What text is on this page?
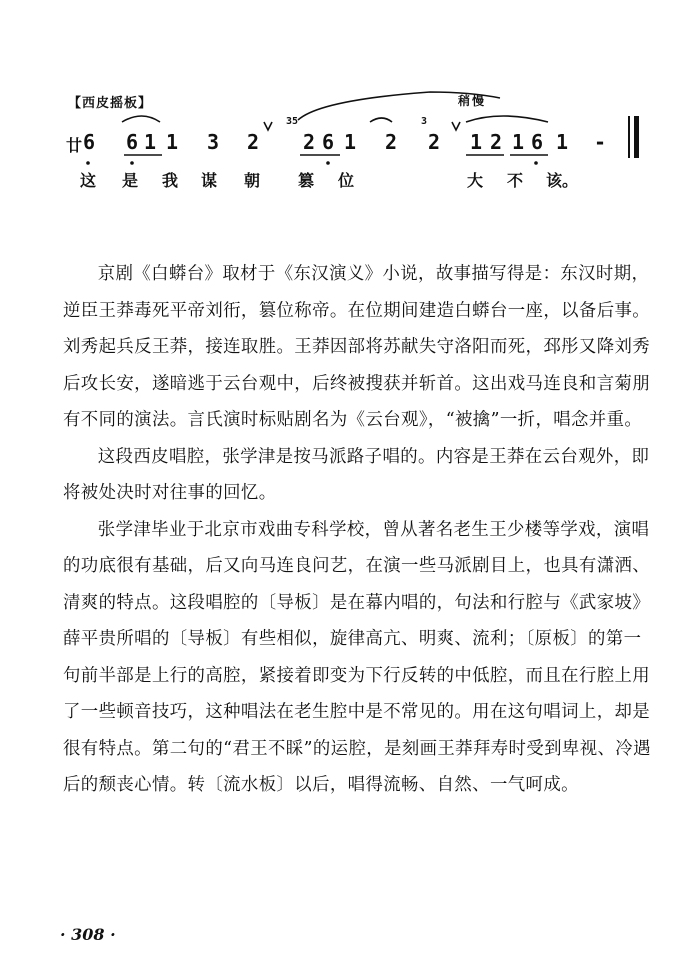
【西皮摇板】	稍慢
35	3
廿 6 6 1 1 3 2 2 6 1 2 2 1 2 1 6 1 -
这 是 我 谋 朝 篡 位	大 不 该。

京剧《白蟒台》取材于《东汉演义》小说，故事描写得是：东汉时期，逆臣王莽毒死平帝刘衎，篡位称帝。在位期间建造白蟒台一座，以备后事。刘秀起兵反王莽，接连取胜。王莽因部将苏献失守洛阳而死，邳彤又降刘秀后攻长安，遂暗逃于云台观中，后终被搜获并斩首。这出戏马连良和言菊朋有不同的演法。言氏演时标贴剧名为《云台观》，“被擒”一折，唱念并重。

这段西皮唱腔，张学津是按马派路子唱的。内容是王莽在云台观外，即将被处决时对往事的回忆。

张学津毕业于北京市戏曲专科学校，曾从著名老生王少楼等学戏，演唱的功底很有基础，后又向马连良问艺，在演一些马派剧目上，也具有潇洒、清爽的特点。这段唱腔的〔导板〕是在幕内唱的，句法和行腔与《武家坡》薛平贵所唱的〔导板〕有些相似，旋律高亢、明爽、流利；〔原板〕的第一句前半部是上行的高腔，紧接着即变为下行反转的中低腔，而且在行腔上用了一些顿音技巧，这种唱法在老生腔中是不常见的。用在这句唱词上，却是很有特点。第二句的“君王不睬”的运腔，是刻画王莽拜寿时受到卑视、冷遇后的颓丧心情。转〔流水板〕以后，唱得流畅、自然、一气呵成。

· 308 ·
